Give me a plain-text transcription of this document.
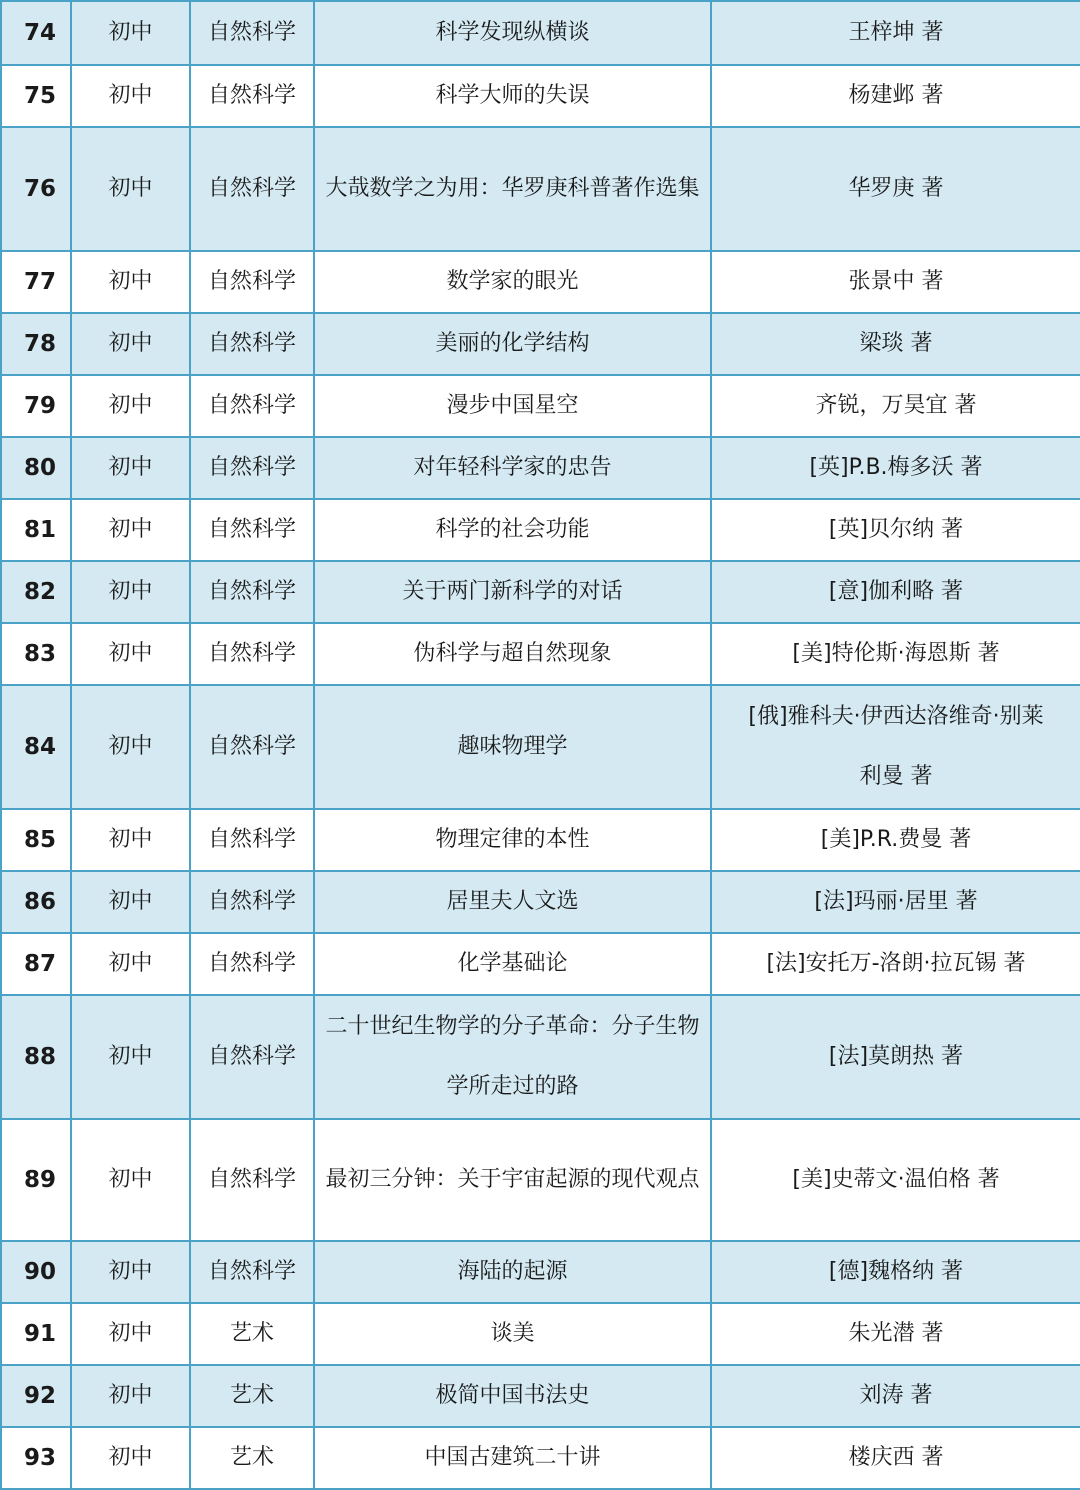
74	初中	自然科学	科学发现纵横谈	王梓坤 著
75	初中	自然科学	科学大师的失误	杨建邺 著
76	初中	自然科学	大哉数学之为用：华罗庚科普著作选集	华罗庚 著
77	初中	自然科学	数学家的眼光	张景中 著
78	初中	自然科学	美丽的化学结构	梁琰 著
79	初中	自然科学	漫步中国星空	齐锐，万昊宜 著
80	初中	自然科学	对年轻科学家的忠告	[英]P.B.梅多沃 著
81	初中	自然科学	科学的社会功能	[英]贝尔纳 著
82	初中	自然科学	关于两门新科学的对话	[意]伽利略 著
83	初中	自然科学	伪科学与超自然现象	[美]特伦斯·海恩斯 著
84	初中	自然科学	趣味物理学	[俄]雅科夫·伊西达洛维奇·别莱利曼 著
85	初中	自然科学	物理定律的本性	[美]P.R.费曼 著
86	初中	自然科学	居里夫人文选	[法]玛丽·居里 著
87	初中	自然科学	化学基础论	[法]安托万-洛朗·拉瓦锡 著
88	初中	自然科学	二十世纪生物学的分子革命：分子生物学所走过的路	[法]莫朗热 著
89	初中	自然科学	最初三分钟：关于宇宙起源的现代观点	[美]史蒂文·温伯格 著
90	初中	自然科学	海陆的起源	[德]魏格纳 著
91	初中	艺术	谈美	朱光潜 著
92	初中	艺术	极简中国书法史	刘涛 著
93	初中	艺术	中国古建筑二十讲	楼庆西 著
